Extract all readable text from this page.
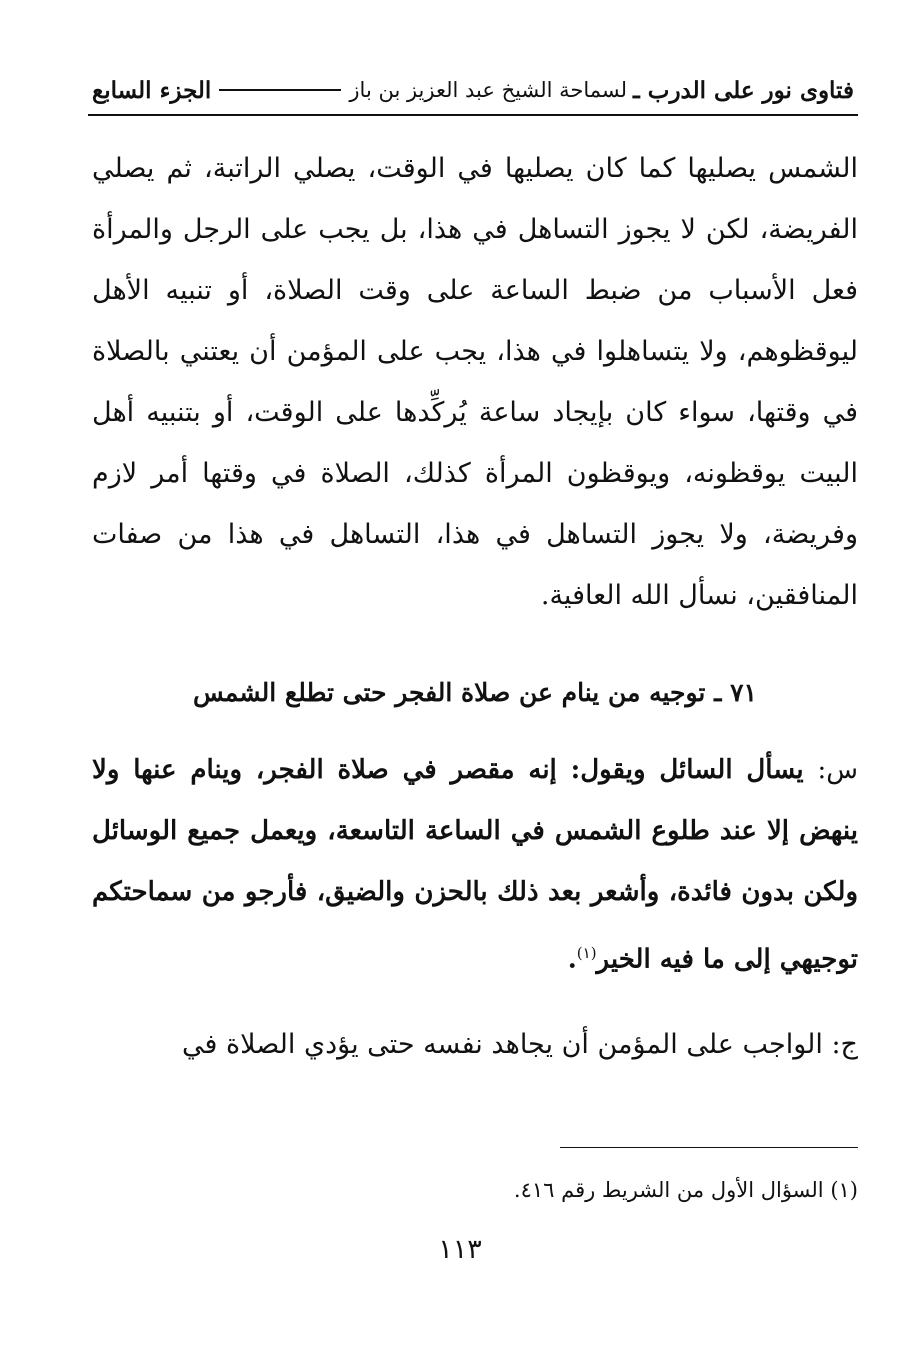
فتاوى نور على الدرب ـ
لسماحة الشيخ عبد العزيز بن باز
الجزء السابع

الشمس يصليها كما كان يصليها في الوقت، يصلي الراتبة، ثم يصلي الفريضة، لكن لا يجوز التساهل في هذا، بل يجب على الرجل والمرأة فعل الأسباب من ضبط الساعة على وقت الصلاة، أو تنبيه الأهل ليوقظوهم، ولا يتساهلوا في هذا، يجب على المؤمن أن يعتني بالصلاة في وقتها، سواء كان بإيجاد ساعة يُركِّدها على الوقت، أو بتنبيه أهل البيت يوقظونه، ويوقظون المرأة كذلك، الصلاة في وقتها أمر لازم وفريضة، ولا يجوز التساهل في هذا، التساهل في هذا من صفات المنافقين، نسأل الله العافية.

٧١ ـ توجيه من ينام عن صلاة الفجر حتى تطلع الشمس

س: يسأل السائل ويقول: إنه مقصر في صلاة الفجر، وينام عنها ولا ينهض إلا عند طلوع الشمس في الساعة التاسعة، ويعمل جميع الوسائل ولكن بدون فائدة، وأشعر بعد ذلك بالحزن والضيق، فأرجو من سماحتكم توجيهي إلى ما فيه الخير$^{(١)}$.

ج: الواجب على المؤمن أن يجاهد نفسه حتى يؤدي الصلاة في

(١) السؤال الأول من الشريط رقم ٤١٦.

١١٣
